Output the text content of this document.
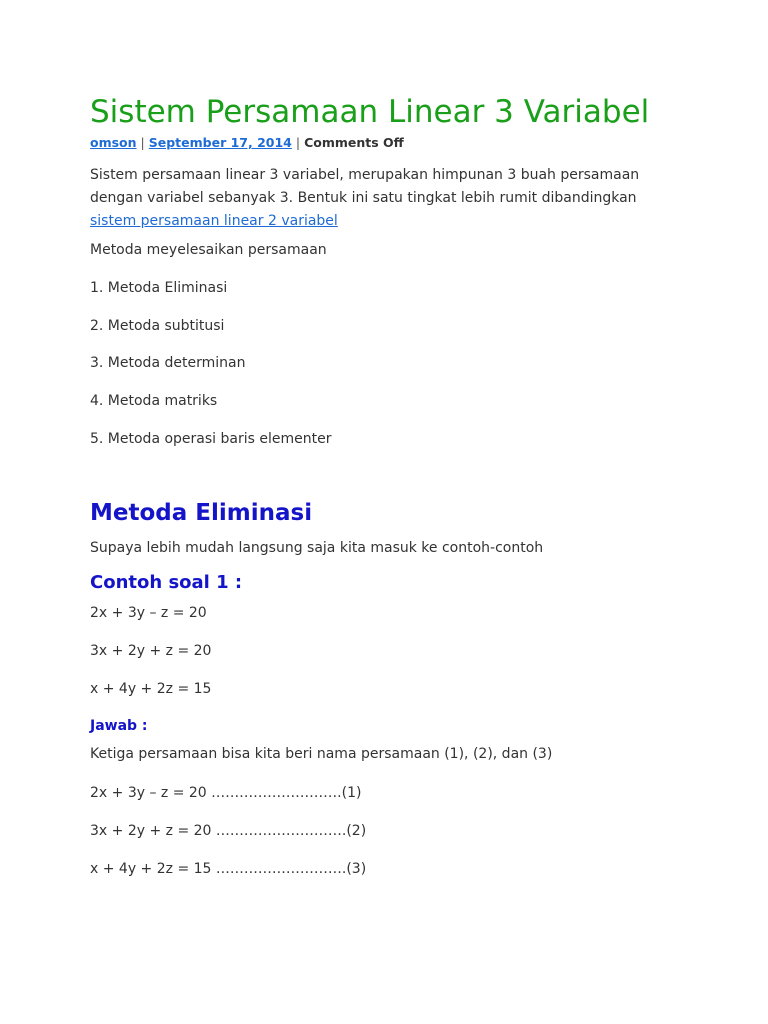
Sistem Persamaan Linear 3 Variabel
omson | September 17, 2014 | Comments Off

Sistem persamaan linear 3 variabel, merupakan himpunan 3 buah persamaan dengan variabel sebanyak 3. Bentuk ini satu tingkat lebih rumit dibandingkan sistem persamaan linear 2 variabel

Metoda meyelesaikan persamaan
1. Metoda Eliminasi
2. Metoda subtitusi
3. Metoda determinan
4. Metoda matriks
5. Metoda operasi baris elementer
Metoda Eliminasi
Supaya lebih mudah langsung saja kita masuk ke contoh-contoh
Contoh soal 1 :
2x + 3y – z = 20
3x + 2y + z = 20
x + 4y + 2z = 15
Jawab :
Ketiga persamaan bisa kita beri nama persamaan (1), (2), dan (3)
2x + 3y – z = 20 ……………………….(1)
3x + 2y + z = 20 ……………………….(2)
x + 4y + 2z = 15 ……………………….(3)
